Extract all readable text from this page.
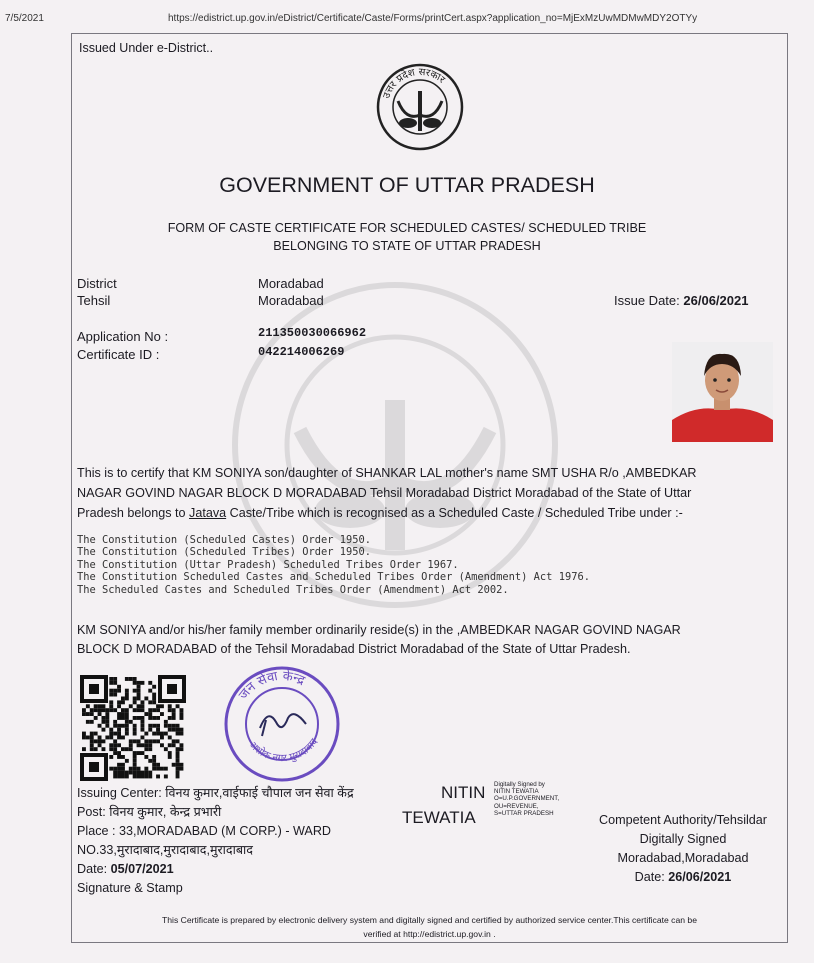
7/5/2021	https://edistrict.up.gov.in/eDistrict/Certificate/Caste/Forms/printCert.aspx?application_no=MjExMzUwMDMwMDY2OTYy
Issued Under e-District..
उत्तर प्रदेश सरकार
GOVERNMENT OF UTTAR PRADESH
FORM OF CASTE CERTIFICATE FOR SCHEDULED CASTES/ SCHEDULED TRIBE
BELONGING TO STATE OF UTTAR PRADESH
District	Moradabad
Tehsil	Moradabad	Issue Date: 26/06/2021
Application No :	211350030066962
Certificate ID :	042214006269
This is to certify that KM SONIYA son/daughter of SHANKAR LAL mother's name SMT USHA R/o ,AMBEDKAR
NAGAR GOVIND NAGAR BLOCK D MORADABAD Tehsil Moradabad District Moradabad of the State of Uttar
Pradesh belongs to Jatava Caste/Tribe which is recognised as a Scheduled Caste / Scheduled Tribe under :-
The Constitution (Scheduled Castes) Order 1950.
The Constitution (Scheduled Tribes) Order 1950.
The Constitution (Uttar Pradesh) Scheduled Tribes Order 1967.
The Constitution Scheduled Castes and Scheduled Tribes Order (Amendment) Act 1976.
The Scheduled Castes and Scheduled Tribes Order (Amendment) Act 2002.
KM SONIYA and/or his/her family member ordinarily reside(s) in the ,AMBEDKAR NAGAR GOVIND NAGAR
BLOCK D MORADABAD of the Tehsil Moradabad District Moradabad of the State of Uttar Pradesh.
जन सेवा केन्द्र
अशोक नगर मुरादाबाद
Issuing Center: विनय कुमार,वाईफाई चौपाल जन सेवा केंद्र
Post: विनय कुमार, केन्द्र प्रभारी
Place : 33,MORADABAD (M CORP.) - WARD
NO.33,मुरादाबाद,मुरादाबाद,मुरादाबाद
Date: 05/07/2021
Signature & Stamp
NITIN
TEWATIA
Digitally Signed by
NITIN TEWATIA
O=U.P.GOVERNMENT,
OU=REVENUE,
S=UTTAR PRADESH	Competent Authority/Tehsildar
Digitally Signed
Moradabad,Moradabad
Date: 26/06/2021
This Certificate is prepared by electronic delivery system and digitally signed and certified by authorized service center.This certificate can be
verified at http://edistrict.up.gov.in .
